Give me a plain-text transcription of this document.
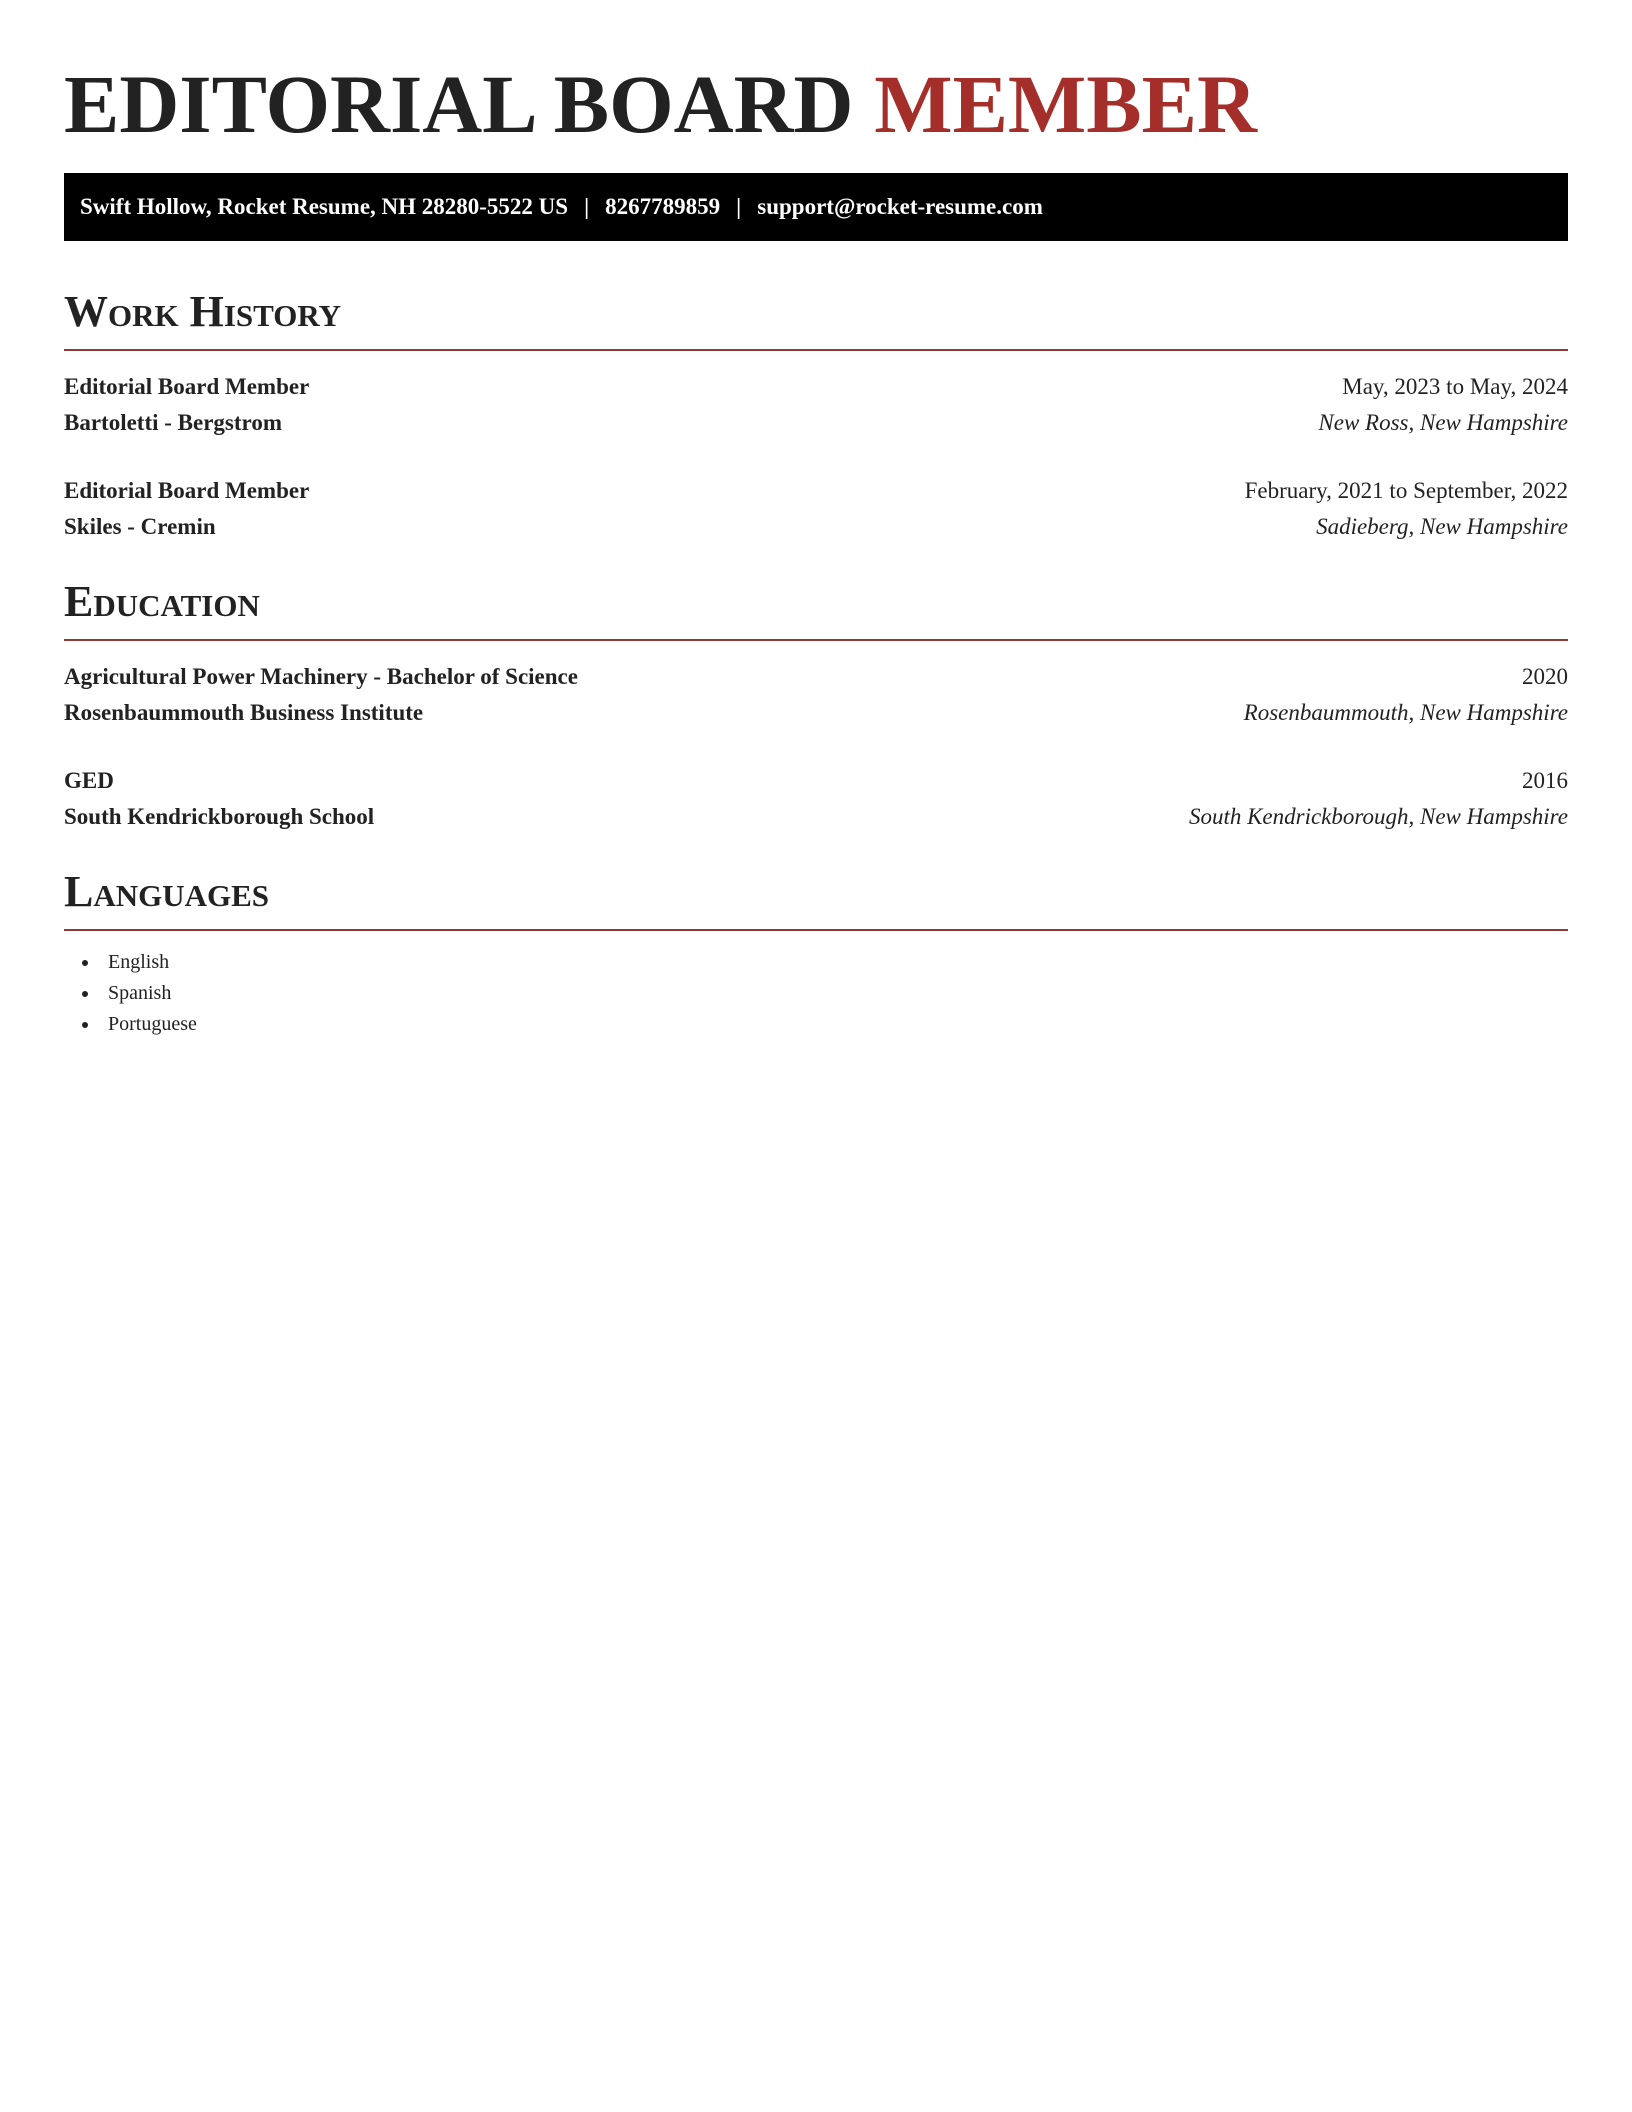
EDITORIAL BOARD MEMBER
Swift Hollow, Rocket Resume, NH 28280-5522 US | 8267789859 | support@rocket-resume.com
Work History
Editorial Board Member	May, 2023 to May, 2024
Bartoletti - Bergstrom	New Ross, New Hampshire
Editorial Board Member	February, 2021 to September, 2022
Skiles - Cremin	Sadieberg, New Hampshire
Education
Agricultural Power Machinery - Bachelor of Science	2020
Rosenbaummouth Business Institute	Rosenbaummouth, New Hampshire
GED	2016
South Kendrickborough School	South Kendrickborough, New Hampshire
Languages
English
Spanish
Portuguese
